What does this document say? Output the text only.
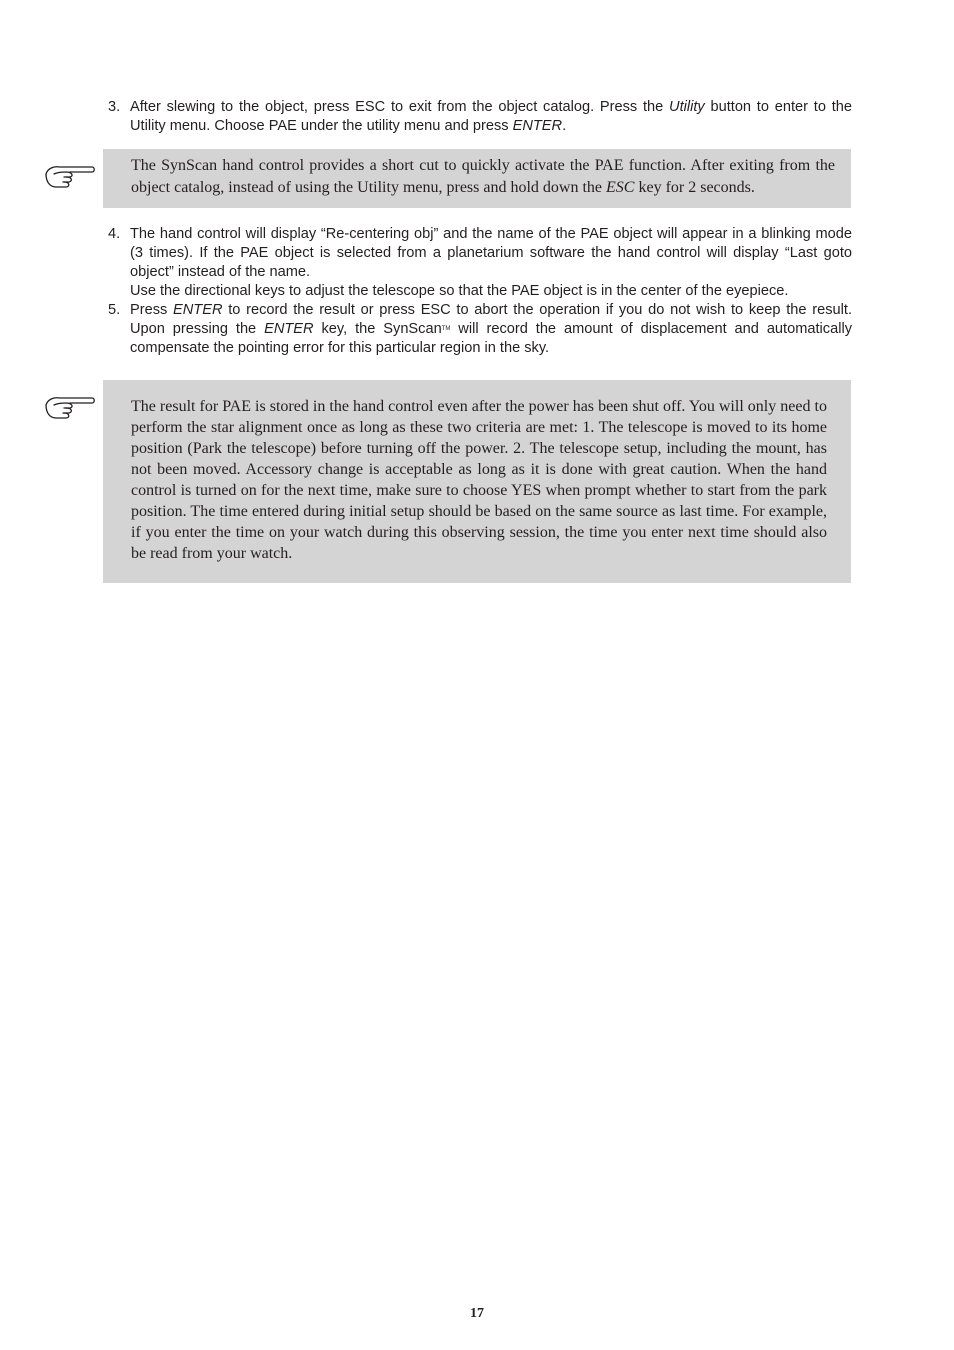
3. After slewing to the object, press ESC to exit from the object catalog. Press the Utility button to enter to the Utility menu. Choose PAE under the utility menu and press ENTER.
The SynScan hand control provides a short cut to quickly activate the PAE function. After exiting from the object catalog, instead of using the Utility menu, press and hold down the ESC key for 2 seconds.
4. The hand control will display “Re-centering obj” and the name of the PAE object will appear in a blinking mode (3 times). If the PAE object is selected from a planetarium software the hand control will display “Last goto object” instead of the name.
Use the directional keys to adjust the telescope so that the PAE object is in the center of the eyepiece.
5. Press ENTER to record the result or press ESC to abort the operation if you do not wish to keep the result. Upon pressing the ENTER key, the SynScan™ will record the amount of displacement and automatically compensate the pointing error for this particular region in the sky.
The result for PAE is stored in the hand control even after the power has been shut off. You will only need to perform the star alignment once as long as these two criteria are met: 1. The telescope is moved to its home position (Park the telescope) before turning off the power. 2. The telescope setup, including the mount, has not been moved. Accessory change is acceptable as long as it is done with great caution. When the hand control is turned on for the next time, make sure to choose YES when prompt whether to start from the park position. The time entered during initial setup should be based on the same source as last time. For example, if you enter the time on your watch during this observing session, the time you enter next time should also be read from your watch.
17
